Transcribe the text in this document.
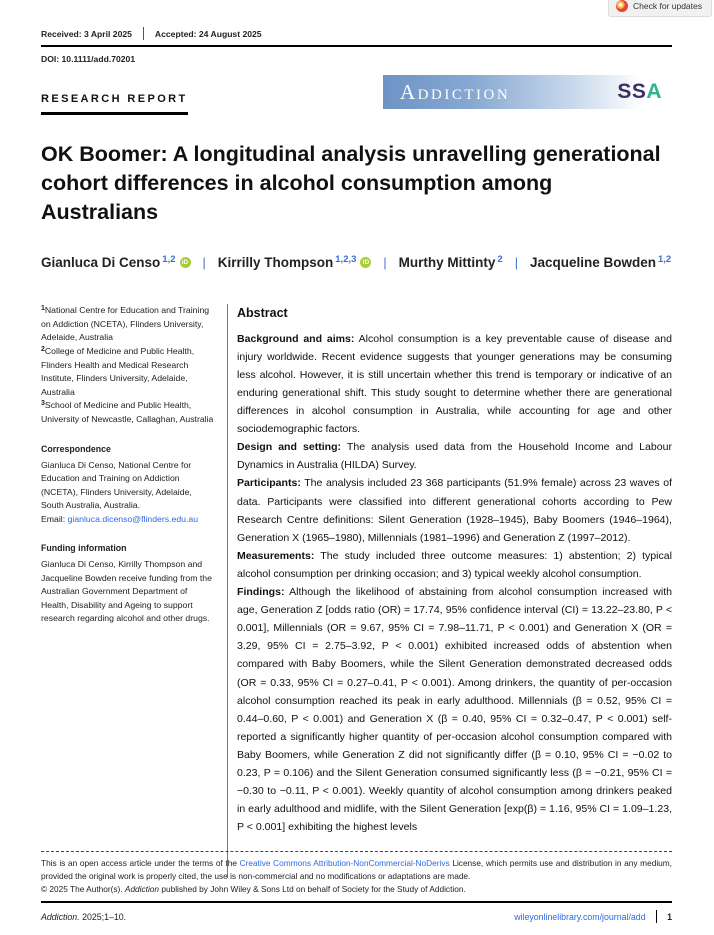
Check for updates
Received: 3 April 2025	Accepted: 24 August 2025
DOI: 10.1111/add.70201
RESEARCH REPORT	Addiction	SSA
OK Boomer: A longitudinal analysis unravelling generational cohort differences in alcohol consumption among Australians
Gianluca Di Censo $^{1,2}$ iD | Kirrilly Thompson $^{1,2,3}$ iD | Murthy Mittinty $^2$ | Jacqueline Bowden $^{1,2}$

$^1$National Centre for Education and Training on Addiction (NCETA), Flinders University, Adelaide, Australia

$^2$College of Medicine and Public Health, Flinders Health and Medical Research Institute, Flinders University, Adelaide, Australia

$^3$School of Medicine and Public Health, University of Newcastle, Callaghan, Australia

Correspondence

Gianluca Di Censo, National Centre for Education and Training on Addiction (NCETA), Flinders University, Adelaide, South Australia, Australia.

Email: gianluca.dicenso@flinders.edu.au

Funding information

Gianluca Di Censo, Kirrilly Thompson and Jacqueline Bowden receive funding from the Australian Government Department of Health, Disability and Ageing to support research regarding alcohol and other drugs.

Abstract

Background and aims: Alcohol consumption is a key preventable cause of disease and injury worldwide. Recent evidence suggests that younger generations may be consuming less alcohol. However, it is still uncertain whether this trend is temporary or indicative of an enduring generational shift. This study sought to determine whether there are generational differences in alcohol consumption in Australia, while accounting for age and other sociodemographic factors.

Design and setting: The analysis used data from the Household Income and Labour Dynamics in Australia (HILDA) Survey.

Participants: The analysis included 23 368 participants (51.9% female) across 23 waves of data. Participants were classified into different generational cohorts according to Pew Research Centre definitions: Silent Generation (1928–1945), Baby Boomers (1946–1964), Generation X (1965–1980), Millennials (1981–1996) and Generation Z (1997–2012).

Measurements: The study included three outcome measures: 1) abstention; 2) typical alcohol consumption per drinking occasion; and 3) typical weekly alcohol consumption.

Findings: Although the likelihood of abstaining from alcohol consumption increased with age, Generation Z [odds ratio (OR) = 17.74, 95% confidence interval (CI) = 13.22–23.80, P < 0.001], Millennials (OR = 9.67, 95% CI = 7.98–11.71, P < 0.001) and Generation X (OR = 3.29, 95% CI = 2.75–3.92, P < 0.001) exhibited increased odds of abstention when compared with Baby Boomers, while the Silent Generation demonstrated decreased odds (OR = 0.33, 95% CI = 0.27–0.41, P < 0.001). Among drinkers, the quantity of per-occasion alcohol consumption reached its peak in early adulthood. Millennials (β = 0.52, 95% CI = 0.44–0.60, P < 0.001) and Generation X (β = 0.40, 95% CI = 0.32–0.47, P < 0.001) self-reported a significantly higher quantity of per-occasion alcohol consumption compared with Baby Boomers, while Generation Z did not significantly differ (β = 0.10, 95% CI = −0.02 to 0.23, P = 0.106) and the Silent Generation consumed significantly less (β = −0.21, 95% CI = −0.30 to −0.11, P < 0.001). Weekly quantity of alcohol consumption among drinkers peaked in early adulthood and midlife, with the Silent Generation [exp(β) = 1.16, 95% CI = 1.09–1.23, P < 0.001] exhibiting the highest levels

This is an open access article under the terms of the Creative Commons Attribution-NonCommercial-NoDerivs License, which permits use and distribution in any medium, provided the original work is properly cited, the use is non-commercial and no modifications or adaptations are made.
© 2025 The Author(s). Addiction published by John Wiley & Sons Ltd on behalf of Society for the Study of Addiction.
Addiction. 2025;1–10.	wileyonlinelibrary.com/journal/add 1
